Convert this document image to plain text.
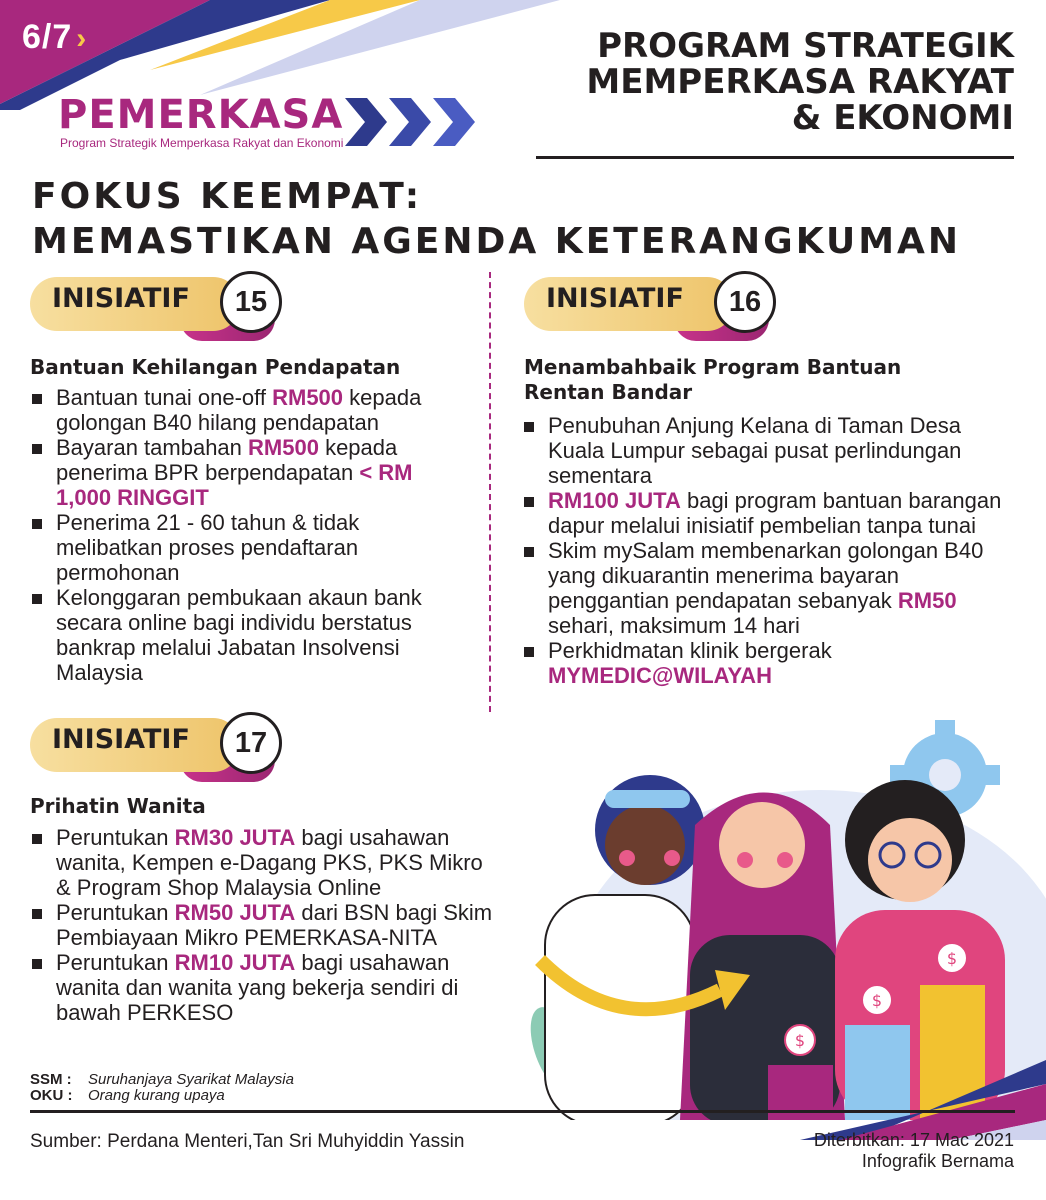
6/7 ›
PEMERKASA
Program Strategik Memperkasa Rakyat dan Ekonomi
PROGRAM STRATEGIK
MEMPERKASA RAKYAT
& EKONOMI
FOKUS KEEMPAT:
MEMASTIKAN AGENDA KETERANGKUMAN
INISIATIF	15
Bantuan Kehilangan Pendapatan
Bantuan tunai one-off RM500 kepada golongan B40 hilang pendapatan
Bayaran tambahan RM500 kepada penerima BPR berpendapatan < RM 1,000 RINGGIT
Penerima 21 - 60 tahun & tidak melibatkan proses pendaftaran permohonan
Kelonggaran pembukaan akaun bank secara online bagi individu berstatus bankrap melalui Jabatan Insolvensi Malaysia
INISIATIF	16
Menambahbaik Program Bantuan Rentan Bandar
Penubuhan Anjung Kelana di Taman Desa Kuala Lumpur sebagai pusat perlindungan sementara
RM100 JUTA bagi program bantuan barangan dapur melalui inisiatif pembelian tanpa tunai
Skim mySalam membenarkan golongan B40 yang dikuarantin menerima bayaran penggantian pendapatan sebanyak RM50 sehari, maksimum 14 hari
Perkhidmatan klinik bergerak MYMEDIC@WILAYAH
INISIATIF	17
Prihatin Wanita
Peruntukan RM30 JUTA bagi usahawan wanita, Kempen e-Dagang PKS, PKS Mikro & Program Shop Malaysia Online
Peruntukan RM50 JUTA dari BSN bagi Skim Pembiayaan Mikro PEMERKASA-NITA
Peruntukan RM10 JUTA bagi usahawan wanita dan wanita yang bekerja sendiri di bawah PERKESO
$
$
$
SSM : Suruhanjaya Syarikat Malaysia
OKU : Orang kurang upaya
Sumber: Perdana Menteri,Tan Sri Muhyiddin Yassin	Diterbitkan: 17 Mac 2021
Infografik Bernama
